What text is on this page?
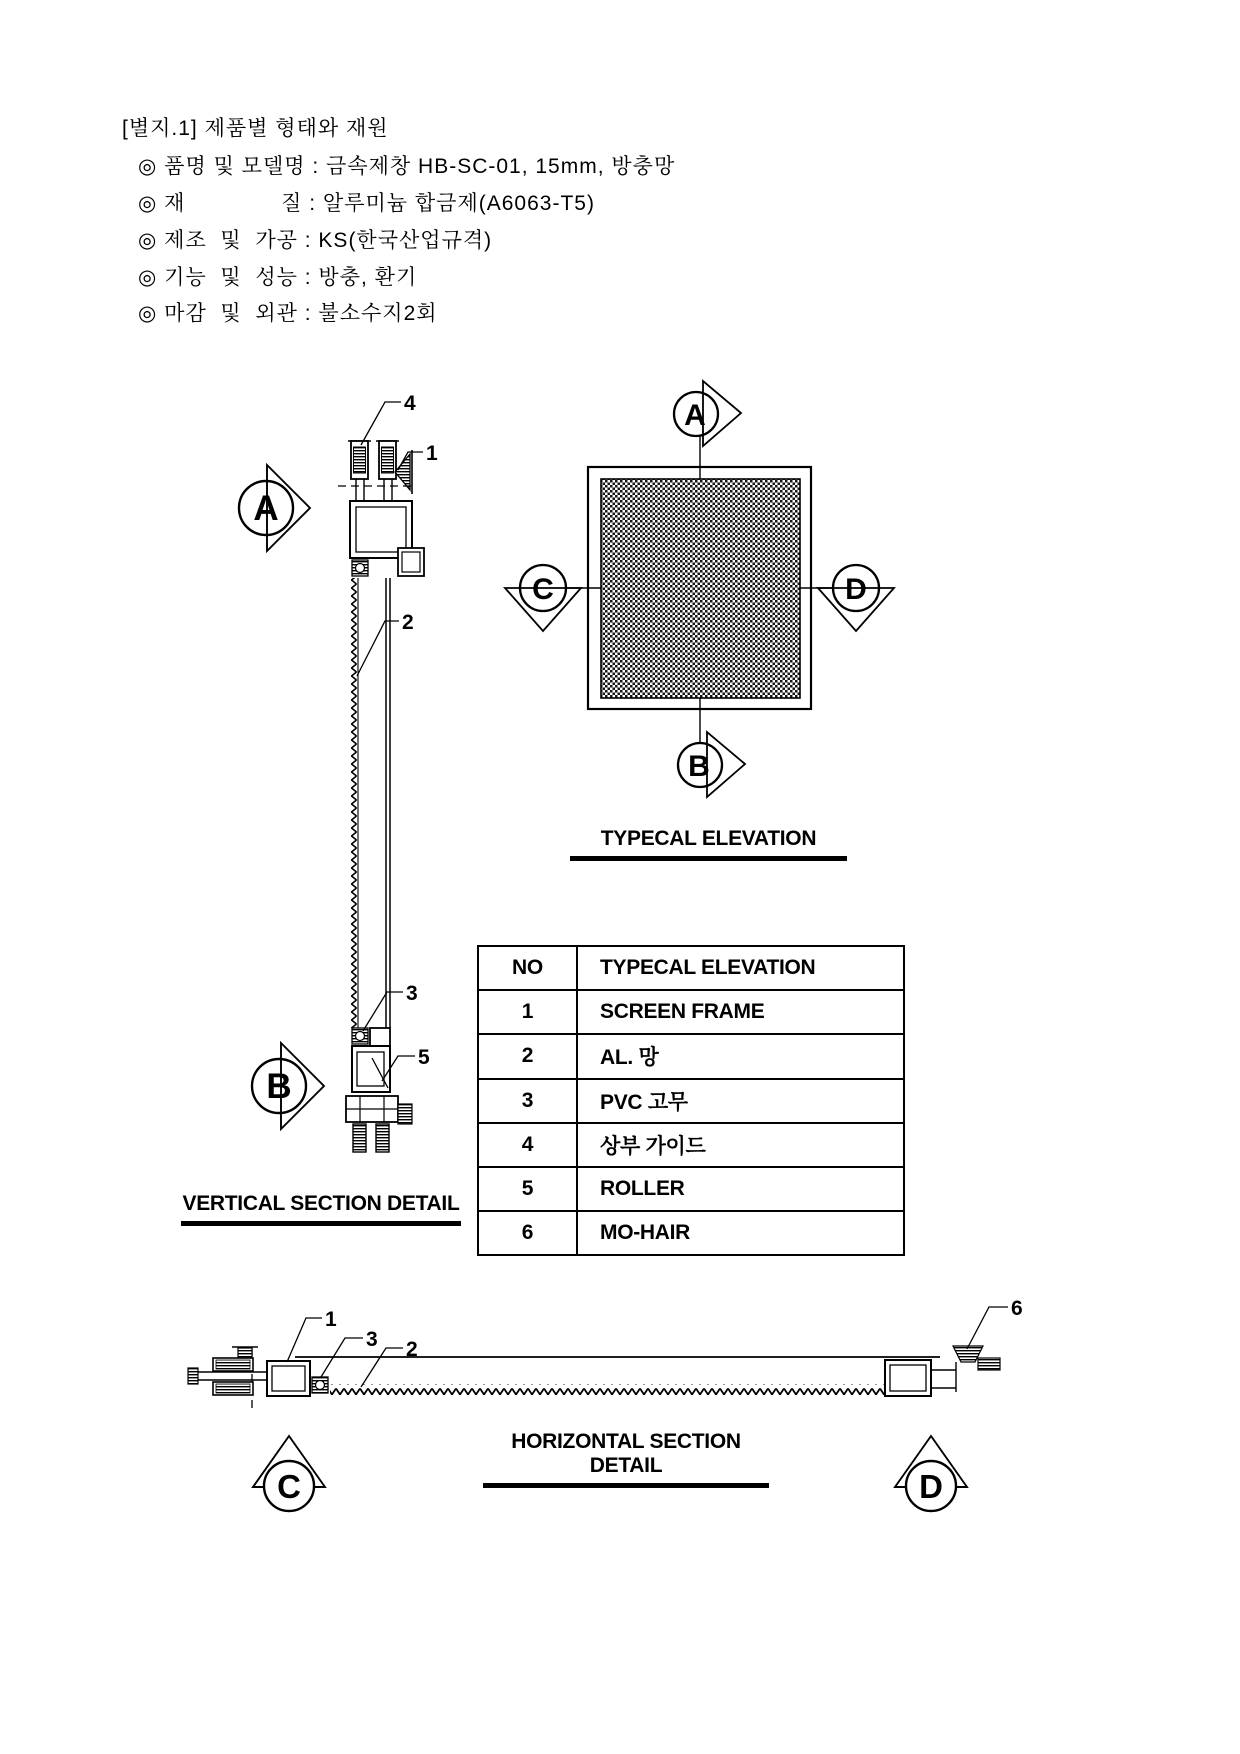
4
1
2
3
5
A
B
A
B
C	D
1
3 2
6
C	D
[별지.1] 제품별 형태와 재원
◎ 품명 및 모델명 : 금속제창 HB-SC-01, 15mm, 방충망
◎ 재              질 : 알루미늄 합금제(A6063-T5)
◎ 제조  및  가공 : KS(한국산업규격)
◎ 기능  및  성능 : 방충, 환기
◎ 마감  및  외관 : 불소수지2회
TYPECAL ELEVATION
VERTICAL SECTION DETAIL
HORIZONTAL SECTION DETAIL
NO	TYPECAL ELEVATION
1	SCREEN FRAME
2	AL. 망
3	PVC 고무
4	상부 가이드
5	ROLLER
6	MO-HAIR
